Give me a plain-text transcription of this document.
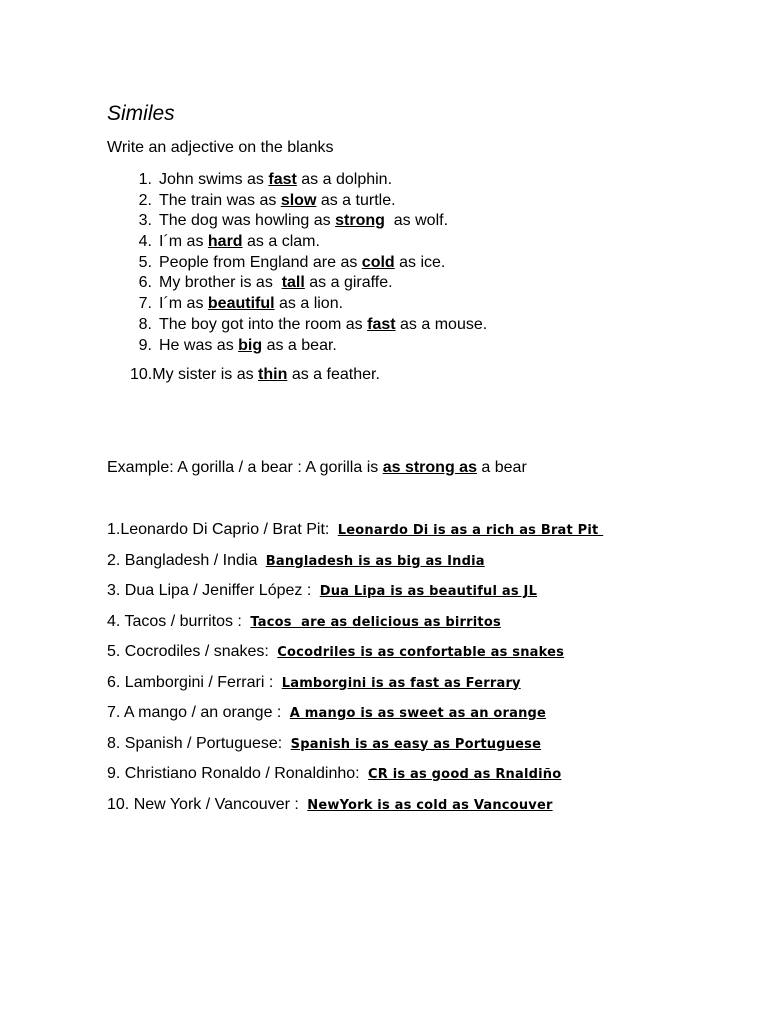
Similes
Write an adjective on the blanks
1. John swims as fast as a dolphin.
2. The train was as slow as a turtle.
3. The dog was howling as strong  as wolf.
4. I´m as hard as a clam.
5. People from England are as cold as ice.
6. My brother is as  tall as a giraffe.
7. I´m as beautiful as a lion.
8. The boy got into the room as fast as a mouse.
9. He was as big as a bear.
10.My sister is as thin as a feather.
Example: A gorilla / a bear : A gorilla is as strong as a bear
1.Leonardo Di Caprio / Brat Pit: Leonardo Di is as a rich as Brat Pit
2. Bangladesh / India Bangladesh is as big as India
3. Dua Lipa / Jeniffer López : Dua Lipa is as beautiful as JL
4. Tacos / burritos : Tacos  are as delicious as birritos
5. Cocrodiles / snakes: Cocodriles is as confortable as snakes
6. Lamborgini / Ferrari : Lamborgini is as fast as Ferrary
7. A mango / an orange : A mango is as sweet as an orange
8. Spanish / Portuguese: Spanish is as easy as Portuguese
9. Christiano Ronaldo / Ronaldinho: CR is as good as Rnaldiño
10. New York / Vancouver : NewYork is as cold as Vancouver
